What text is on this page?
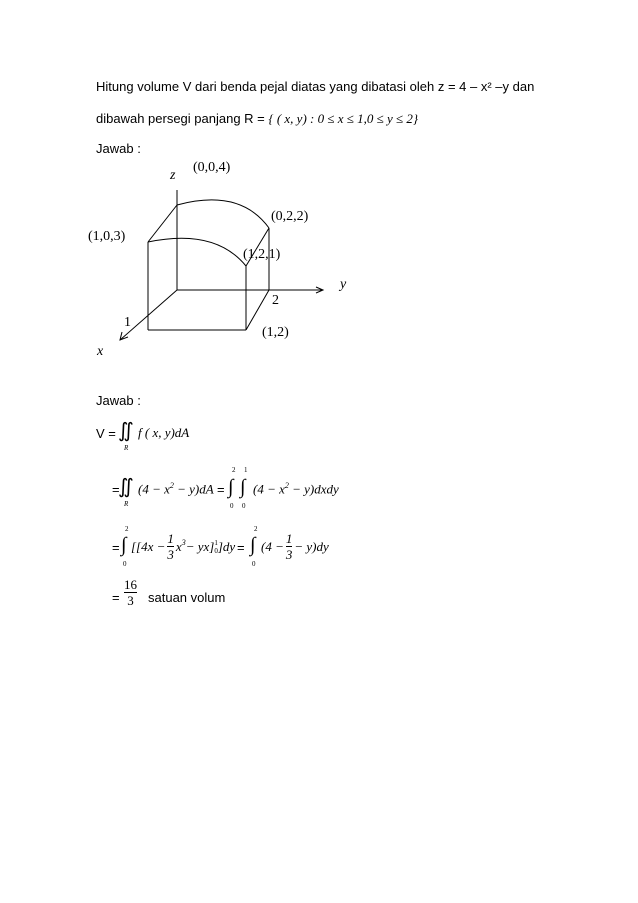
Hitung volume V dari benda pejal diatas yang dibatasi oleh z = 4 – x² –y dan
dibawah persegi panjang R = { ( x, y) : 0 ≤ x ≤ 1,0 ≤ y ≤ 2}
Jawab :
z
(0,0,4)
(0,2,2)
(1,0,3)
(1,2,1)
y
2
1
(1,2)
x
Jawab :
V = ∬
R
f ( x, y)dA
=
∬
R
$(4 - x^2 - y)dA$ =
2 1
∫ ∫
0 0
($4 - x^2$ − y)dxdy
=
2
∫
0
[$[4x - \frac{1}{3} x^3 - yx]$ 1
0 ]dy =
2
∫
0
$(4 - \frac{1}{3} - y)dy$
= $\frac{16}{3}$ satuan volum
